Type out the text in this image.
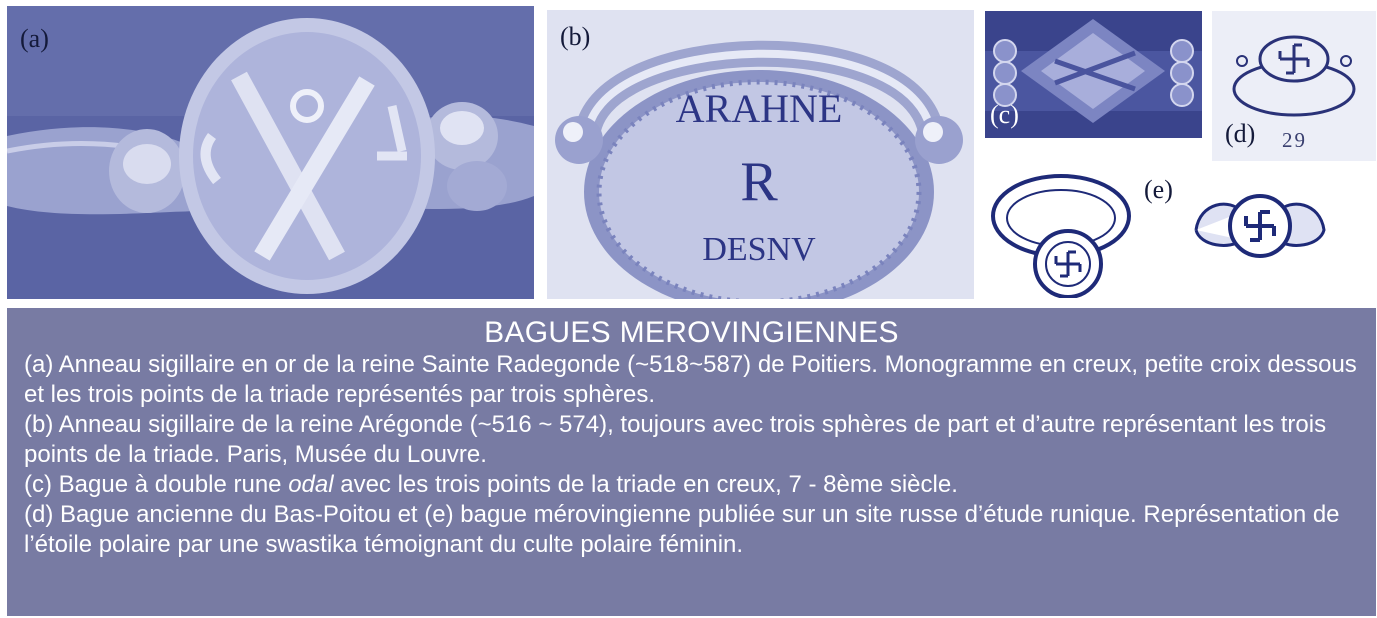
(a)
ARAHNE
R
DESNV
(b)
(c)
(d) 29
(e)
BAGUES MEROVINGIENNES
(a) Anneau sigillaire en or de la reine Sainte Radegonde (~518~587) de Poitiers. Monogramme en creux, petite croix dessous et les trois points de la triade représentés par trois sphères.
(b) Anneau sigillaire de la reine Arégonde (~516 ~ 574), toujours avec trois sphères de part et d’autre représentant les trois points de la triade. Paris, Musée du Louvre.
(c) Bague à double rune odal avec les trois points de la triade en creux, 7 - 8ème siècle.
(d) Bague ancienne du Bas-Poitou et (e) bague mérovingienne publiée sur un site russe d’étude runique. Représentation de l’étoile polaire par une swastika témoignant du culte polaire féminin.
